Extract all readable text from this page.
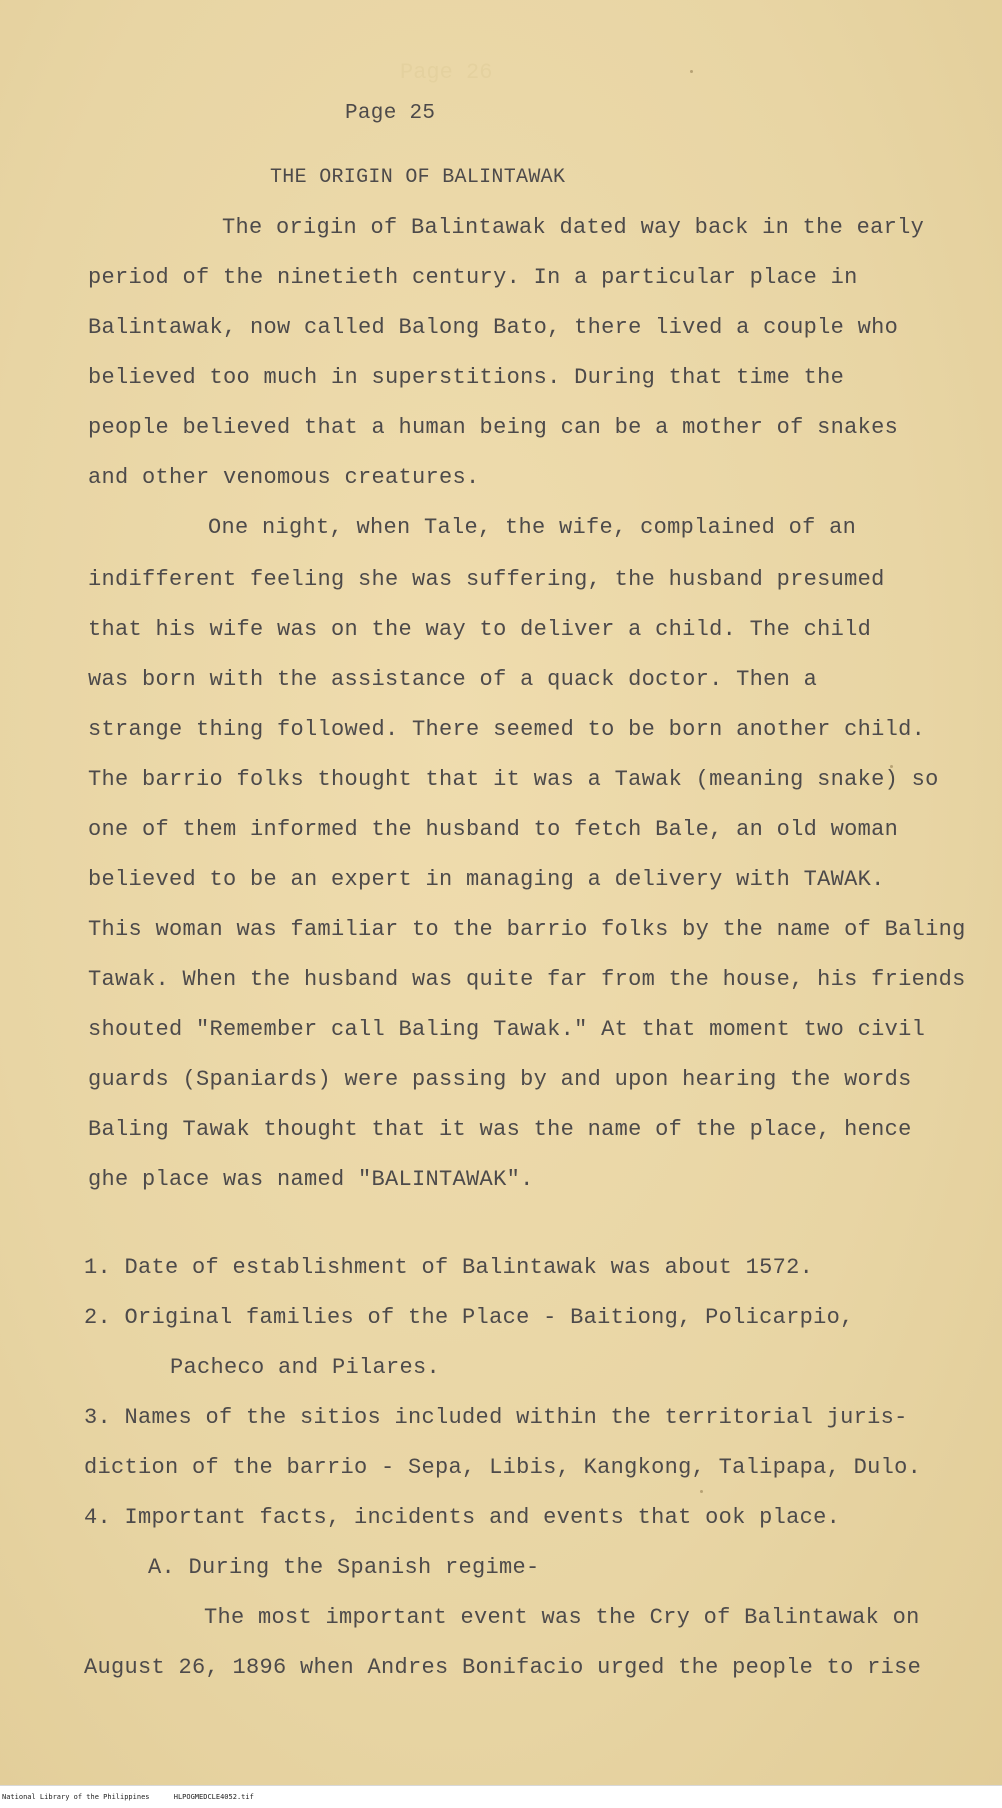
Page 26
Page 25
THE ORIGIN OF BALINTAWAK
The origin of Balintawak dated way back in the early
period of the ninetieth century. In a particular place in
Balintawak, now called Balong Bato, there lived a couple who
believed too much in superstitions. During that time the
people believed that a human being can be a mother of snakes
and other venomous creatures.
One night, when Tale, the wife, complained of an
indifferent feeling she was suffering, the husband presumed
that his wife was on the way to deliver a child. The child
was born with the assistance of a quack doctor. Then a
strange thing followed. There seemed to be born another child.
The barrio folks thought that it was a Tawak (meaning snake) so
one of them informed the husband to fetch Bale, an old woman
believed to be an expert in managing a delivery with TAWAK.
This woman was familiar to the barrio folks by the name of Baling
Tawak. When the husband was quite far from the house, his friends
shouted "Remember call Baling Tawak." At that moment two civil
guards (Spaniards) were passing by and upon hearing the words
Baling Tawak thought that it was the name of the place, hence
ghe place was named "BALINTAWAK".
1. Date of establishment of Balintawak was about 1572.
2. Original families of the Place - Baitiong, Policarpio,
Pacheco and Pilares.
3. Names of the sitios included within the territorial juris-
diction of the barrio - Sepa, Libis, Kangkong, Talipapa, Dulo.
4. Important facts, incidents and events that ook place.
A. During the Spanish regime-
The most important event was the Cry of Balintawak on
August 26, 1896 when Andres Bonifacio urged the people to rise
National Library of the Philippines	HLPOGMEDCLE4052.tif
